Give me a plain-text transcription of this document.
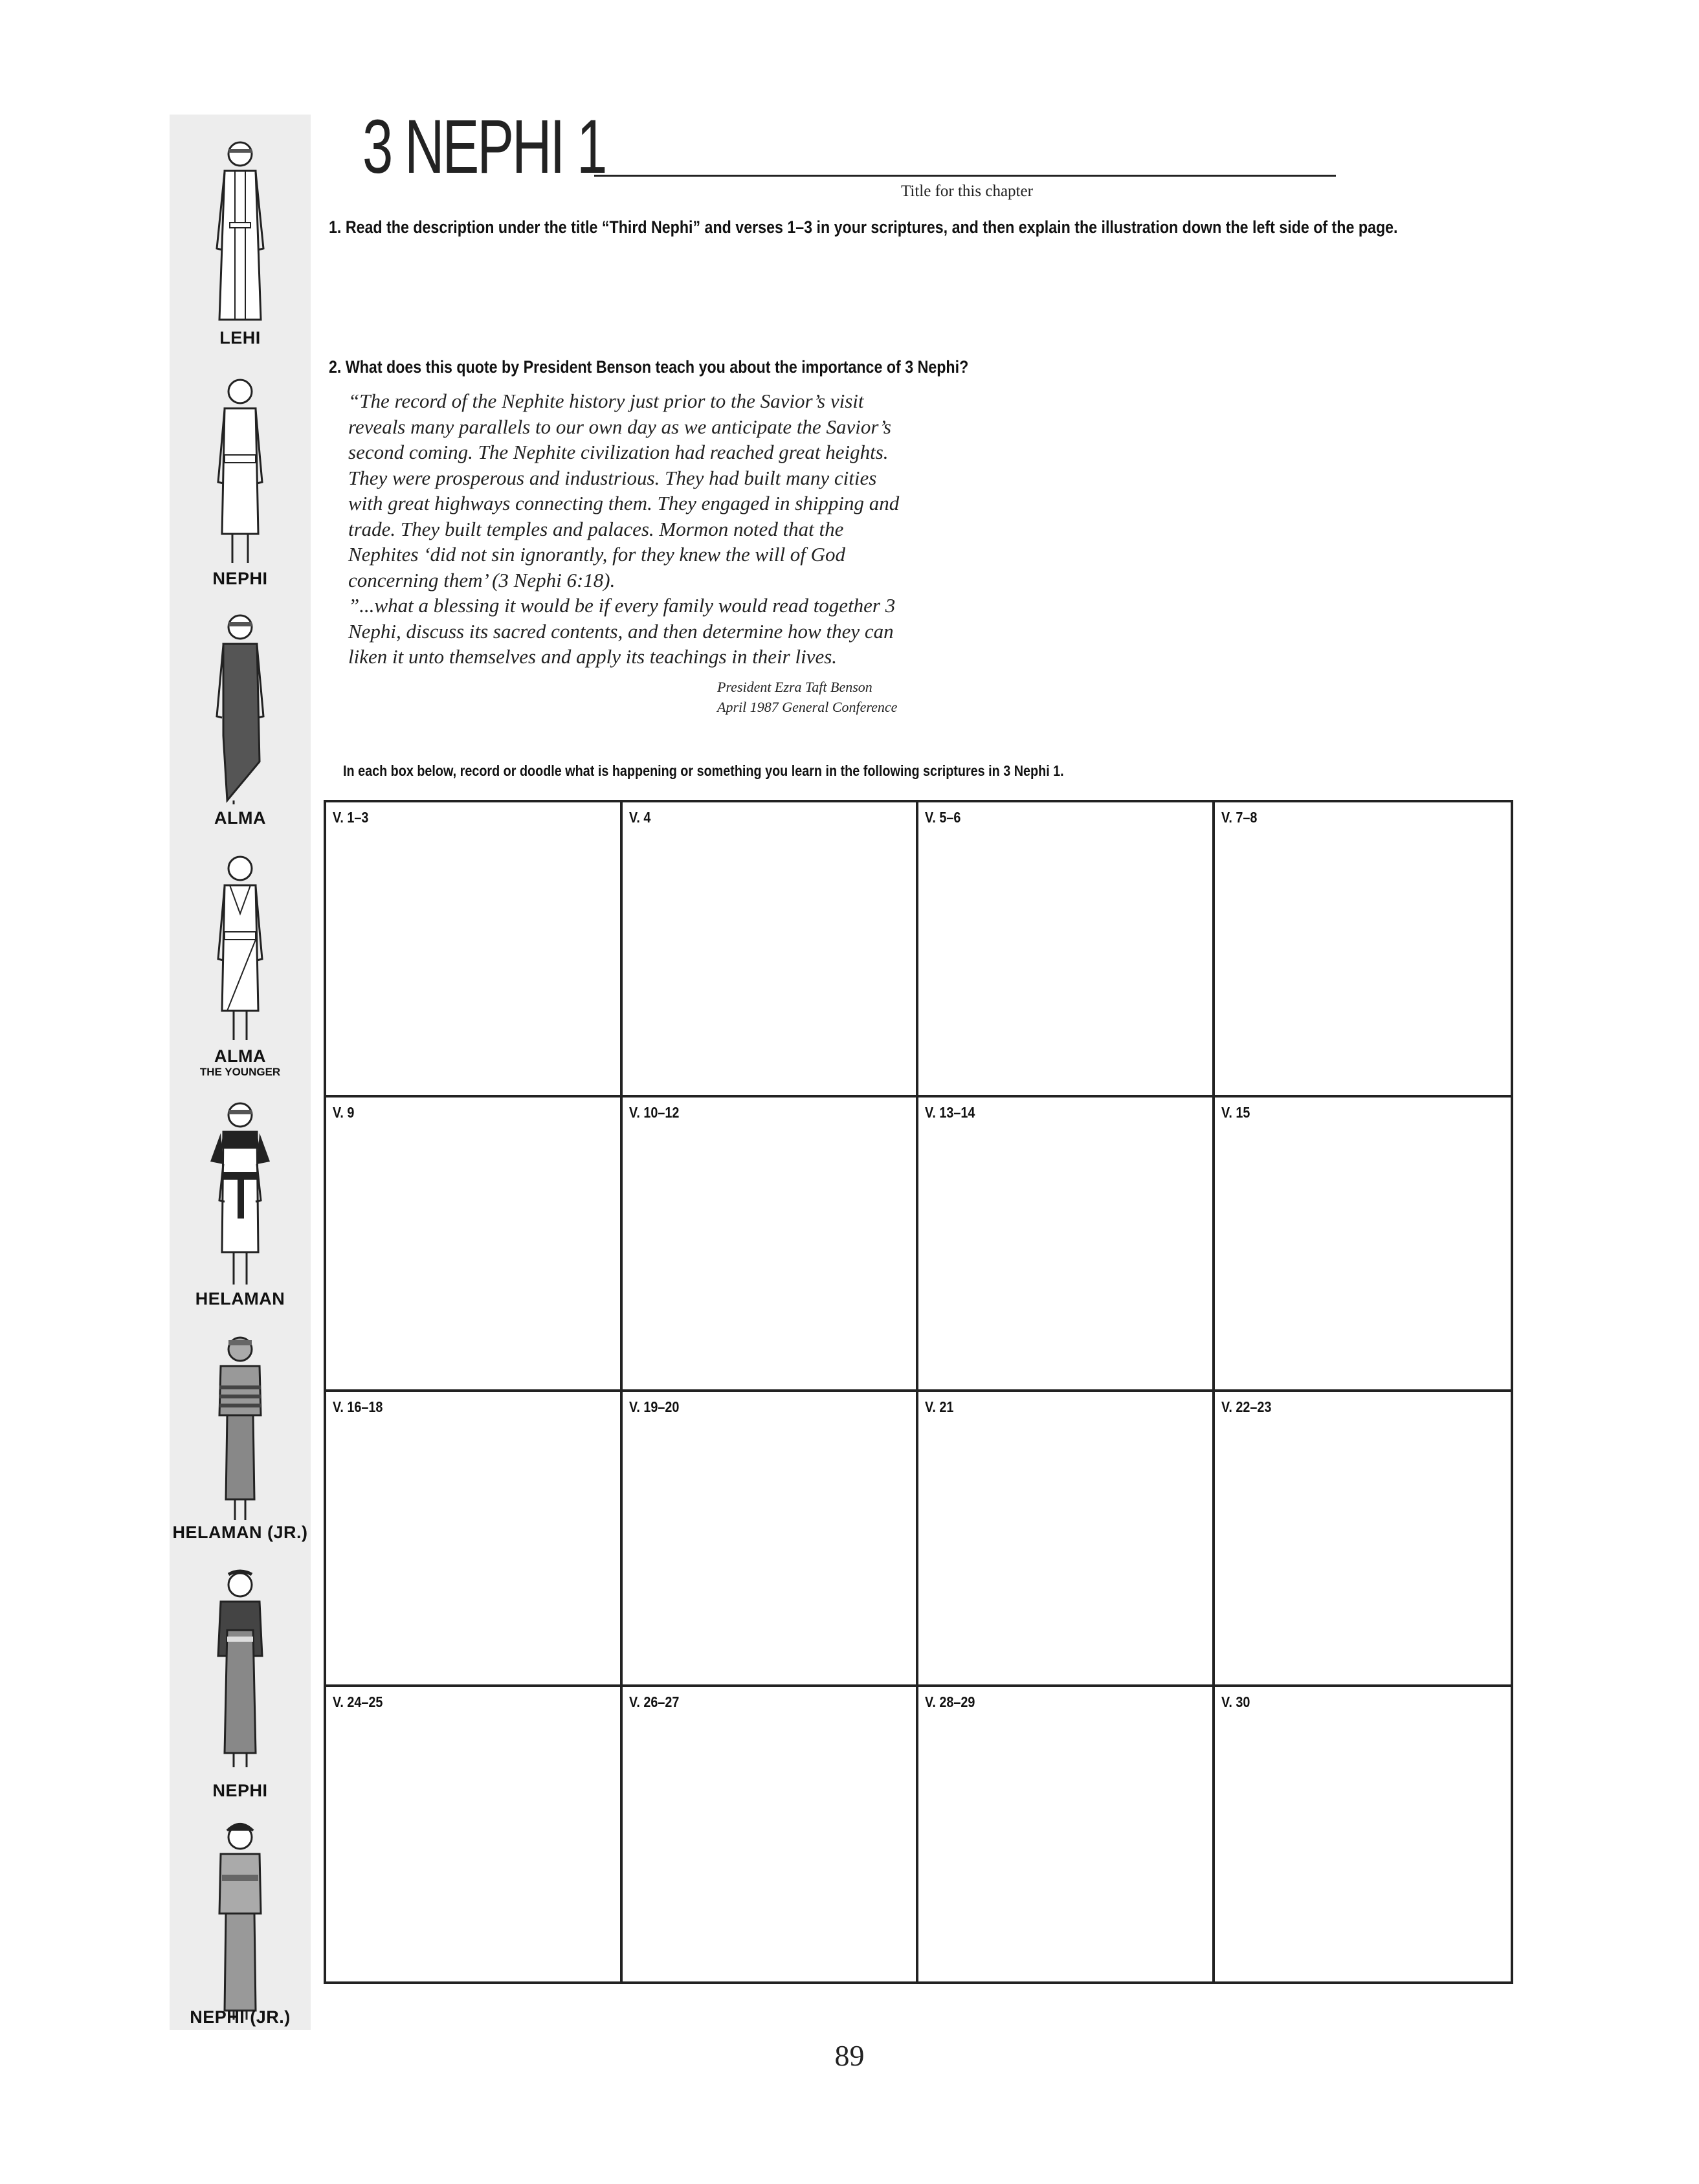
LEHI
NEPHI
ALMA
ALMA
THE YOUNGER
HELAMAN
HELAMAN (JR.)
NEPHI
NEPHI (JR.)
3 NEPHI 1
Title for this chapter
1. Read the description under the title “Third Nephi” and verses 1–3 in your scriptures, and then explain the illustration down the left side of the page.
2. What does this quote by President Benson teach you about the importance of 3 Nephi?
“The record of the Nephite history just prior to the Savior’s visit
reveals many parallels to our own day as we anticipate the Savior’s
second coming. The Nephite civilization had reached great heights.
They were prosperous and industrious. They had built many cities
with great highways connecting them. They engaged in shipping and
trade. They built temples and palaces. Mormon noted that the
Nephites ‘did not sin ignorantly, for they knew the will of God
concerning them’ (3 Nephi 6:18).
”...what a blessing it would be if every family would read together 3
Nephi, discuss its sacred contents, and then determine how they can
liken it unto themselves and apply its teachings in their lives.
President Ezra Taft Benson
April 1987 General Conference
In each box below, record or doodle what is happening or something you learn in the following scriptures in 3 Nephi 1.
V. 1–3	V. 4	V. 5–6	V. 7–8
V. 9	V. 10–12	V. 13–14	V. 15
V. 16–18	V. 19–20	V. 21	V. 22–23
V. 24–25	V. 26–27	V. 28–29	V. 30
89
